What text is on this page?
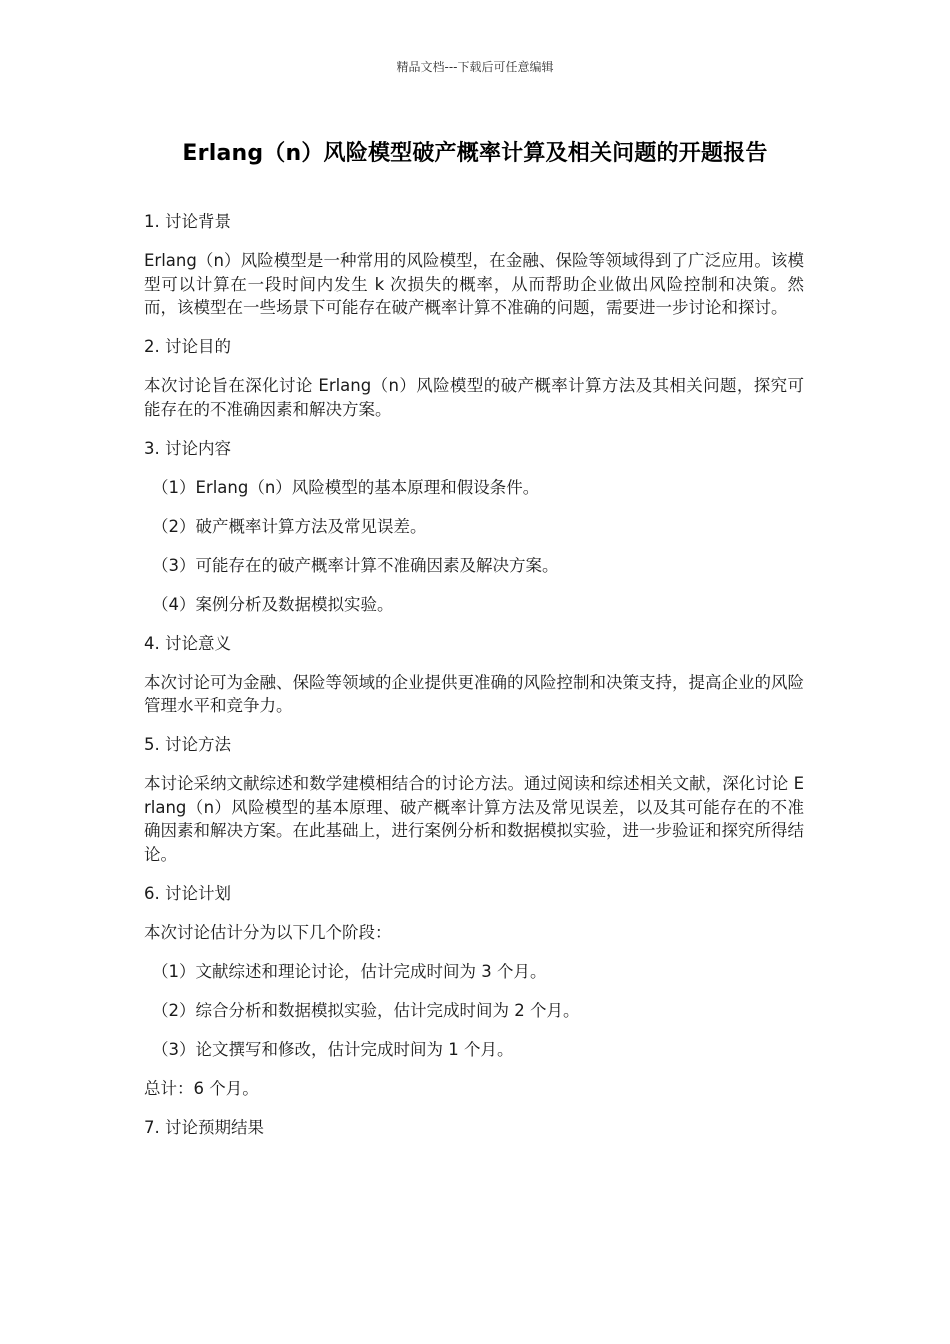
精品文档---下载后可任意编辑
Erlang（n）风险模型破产概率计算及相关问题的开题报告

1. 讨论背景

Erlang（n）风险模型是一种常用的风险模型，在金融、保险等领域得到了广泛应用。该模型可以计算在一段时间内发生 k 次损失的概率，从而帮助企业做出风险控制和决策。然而，该模型在一些场景下可能存在破产概率计算不准确的问题，需要进一步讨论和探讨。

2. 讨论目的

本次讨论旨在深化讨论 Erlang（n）风险模型的破产概率计算方法及其相关问题，探究可能存在的不准确因素和解决方案。

3. 讨论内容

（1）Erlang（n）风险模型的基本原理和假设条件。

（2）破产概率计算方法及常见误差。

（3）可能存在的破产概率计算不准确因素及解决方案。

（4）案例分析及数据模拟实验。

4. 讨论意义

本次讨论可为金融、保险等领域的企业提供更准确的风险控制和决策支持，提高企业的风险管理水平和竞争力。

5. 讨论方法

本讨论采纳文献综述和数学建模相结合的讨论方法。通过阅读和综述相关文献，深化讨论 Erlang（n）风险模型的基本原理、破产概率计算方法及常见误差，以及其可能存在的不准确因素和解决方案。在此基础上，进行案例分析和数据模拟实验，进一步验证和探究所得结论。

6. 讨论计划

本次讨论估计分为以下几个阶段：

（1）文献综述和理论讨论，估计完成时间为 3 个月。

（2）综合分析和数据模拟实验，估计完成时间为 2 个月。

（3）论文撰写和修改，估计完成时间为 1 个月。

总计：6 个月。

7. 讨论预期结果
